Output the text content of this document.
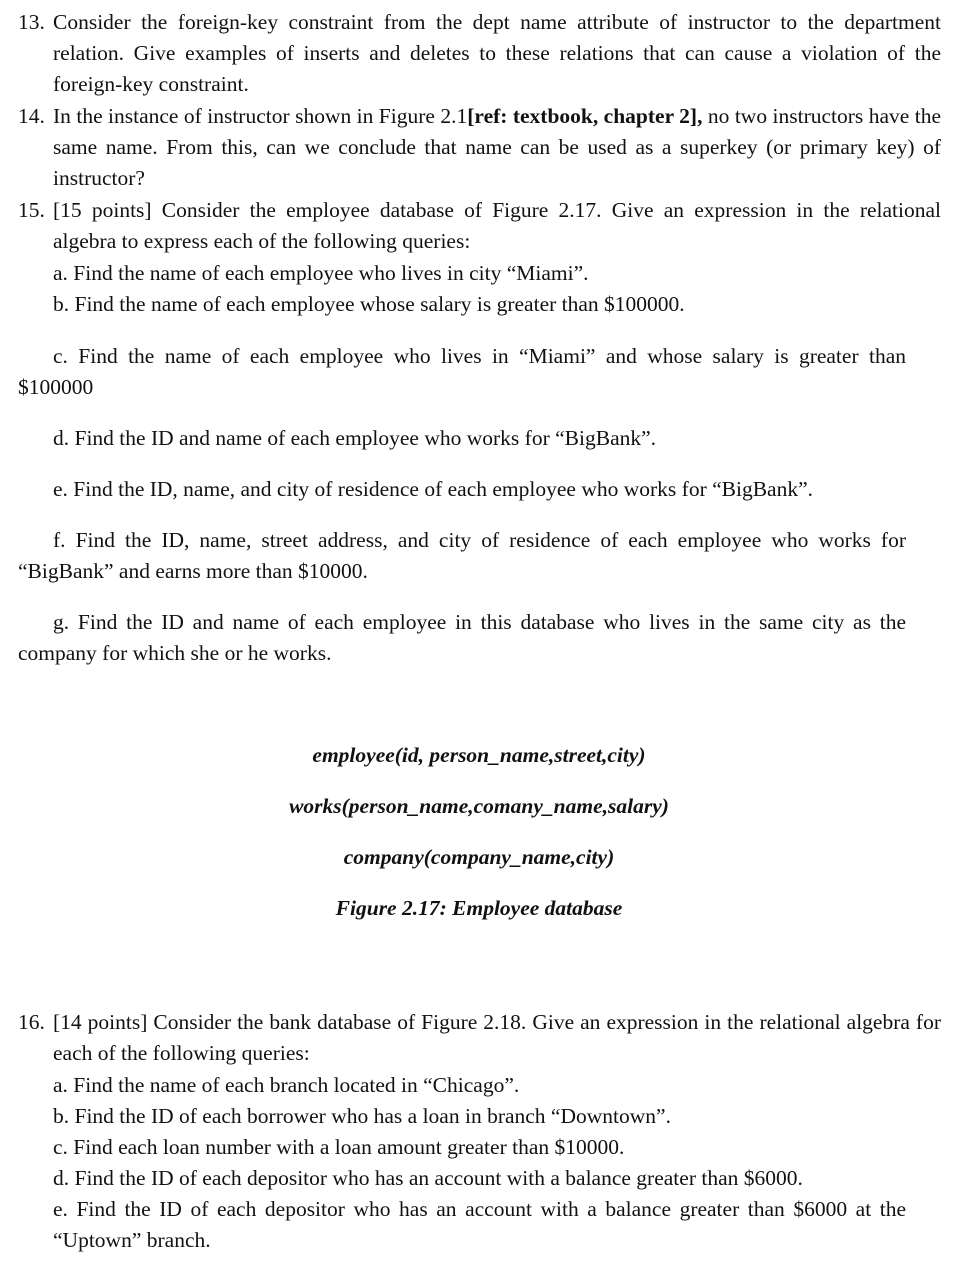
13. Consider the foreign-key constraint from the dept name attribute of instructor to the department relation. Give examples of inserts and deletes to these relations that can cause a violation of the foreign-key constraint.

14. In the instance of instructor shown in Figure 2.1[ref: textbook, chapter 2], no two instructors have the same name. From this, can we conclude that name can be used as a superkey (or primary key) of instructor?

15. [15 points] Consider the employee database of Figure 2.17. Give an expression in the relational algebra to express each of the following queries:

a. Find the name of each employee who lives in city “Miami”.

b. Find the name of each employee whose salary is greater than $100000.

c. Find the name of each employee who lives in “Miami” and whose salary is greater than $100000

d. Find the ID and name of each employee who works for “BigBank”.

e. Find the ID, name, and city of residence of each employee who works for “BigBank”.

f. Find the ID, name, street address, and city of residence of each employee who works for “BigBank” and earns more than $10000.

g. Find the ID and name of each employee in this database who lives in the same city as the company for which she or he works.

employee(id, person_name,street,city)

works(person_name,comany_name,salary)

company(company_name,city)

Figure 2.17: Employee database

16. [14 points] Consider the bank database of Figure 2.18. Give an expression in the relational algebra for each of the following queries:

a. Find the name of each branch located in “Chicago”.

b. Find the ID of each borrower who has a loan in branch “Downtown”.

c. Find each loan number with a loan amount greater than $10000.

d. Find the ID of each depositor who has an account with a balance greater than $6000.

e. Find the ID of each depositor who has an account with a balance greater than $6000 at the “Uptown” branch.
